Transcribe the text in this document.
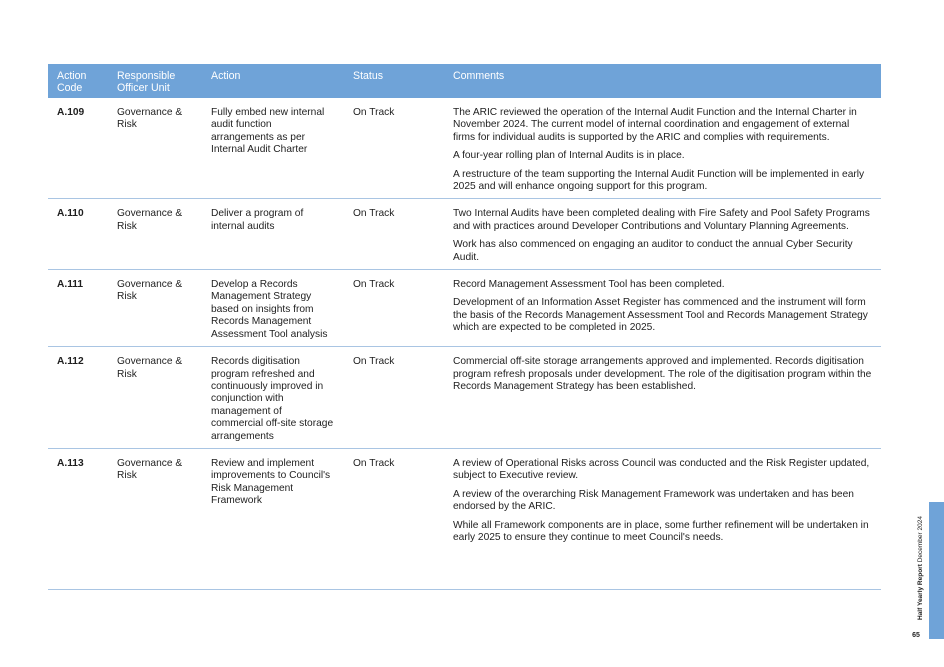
Action Code	Responsible Officer Unit	Action	Status	Comments
A.109	Governance & Risk	Fully embed new internal audit function arrangements as per Internal Audit Charter	On Track	The ARIC reviewed the operation of the Internal Audit Function and the Internal Charter in November 2024. The current model of internal coordination and engagement of external firms for individual audits is supported by the ARIC and complies with requirements.

A four-year rolling plan of Internal Audits is in place.

A restructure of the team supporting the Internal Audit Function will be implemented in early 2025 and will enhance ongoing support for this program.

A.110	Governance & Risk	Deliver a program of internal audits	On Track	Two Internal Audits have been completed dealing with Fire Safety and Pool Safety Programs and with practices around Developer Contributions and Voluntary Planning Agreements.

Work has also commenced on engaging an auditor to conduct the annual Cyber Security Audit.

A.111	Governance & Risk	Develop a Records Management Strategy based on insights from Records Management Assessment Tool analysis	On Track	Record Management Assessment Tool has been completed.

Development of an Information Asset Register has commenced and the instrument will form the basis of the Records Management Assessment Tool and Records Management Strategy which are expected to be completed in 2025.

A.112	Governance & Risk	Records digitisation program refreshed and continuously improved in conjunction with management of commercial off-site storage arrangements	On Track	Commercial off-site storage arrangements approved and implemented. Records digitisation program refresh proposals under development. The role of the digitisation program within the Records Management Strategy has been established.

A.113	Governance & Risk	Review and implement improvements to Council's Risk Management Framework	On Track	A review of Operational Risks across Council was conducted and the Risk Register updated, subject to Executive review.

A review of the overarching Risk Management Framework was undertaken and has been endorsed by the ARIC.

While all Framework components are in place, some further refinement will be undertaken in early 2025 to ensure they continue to meet Council's needs.

Half Yearly Report December 2024
65
